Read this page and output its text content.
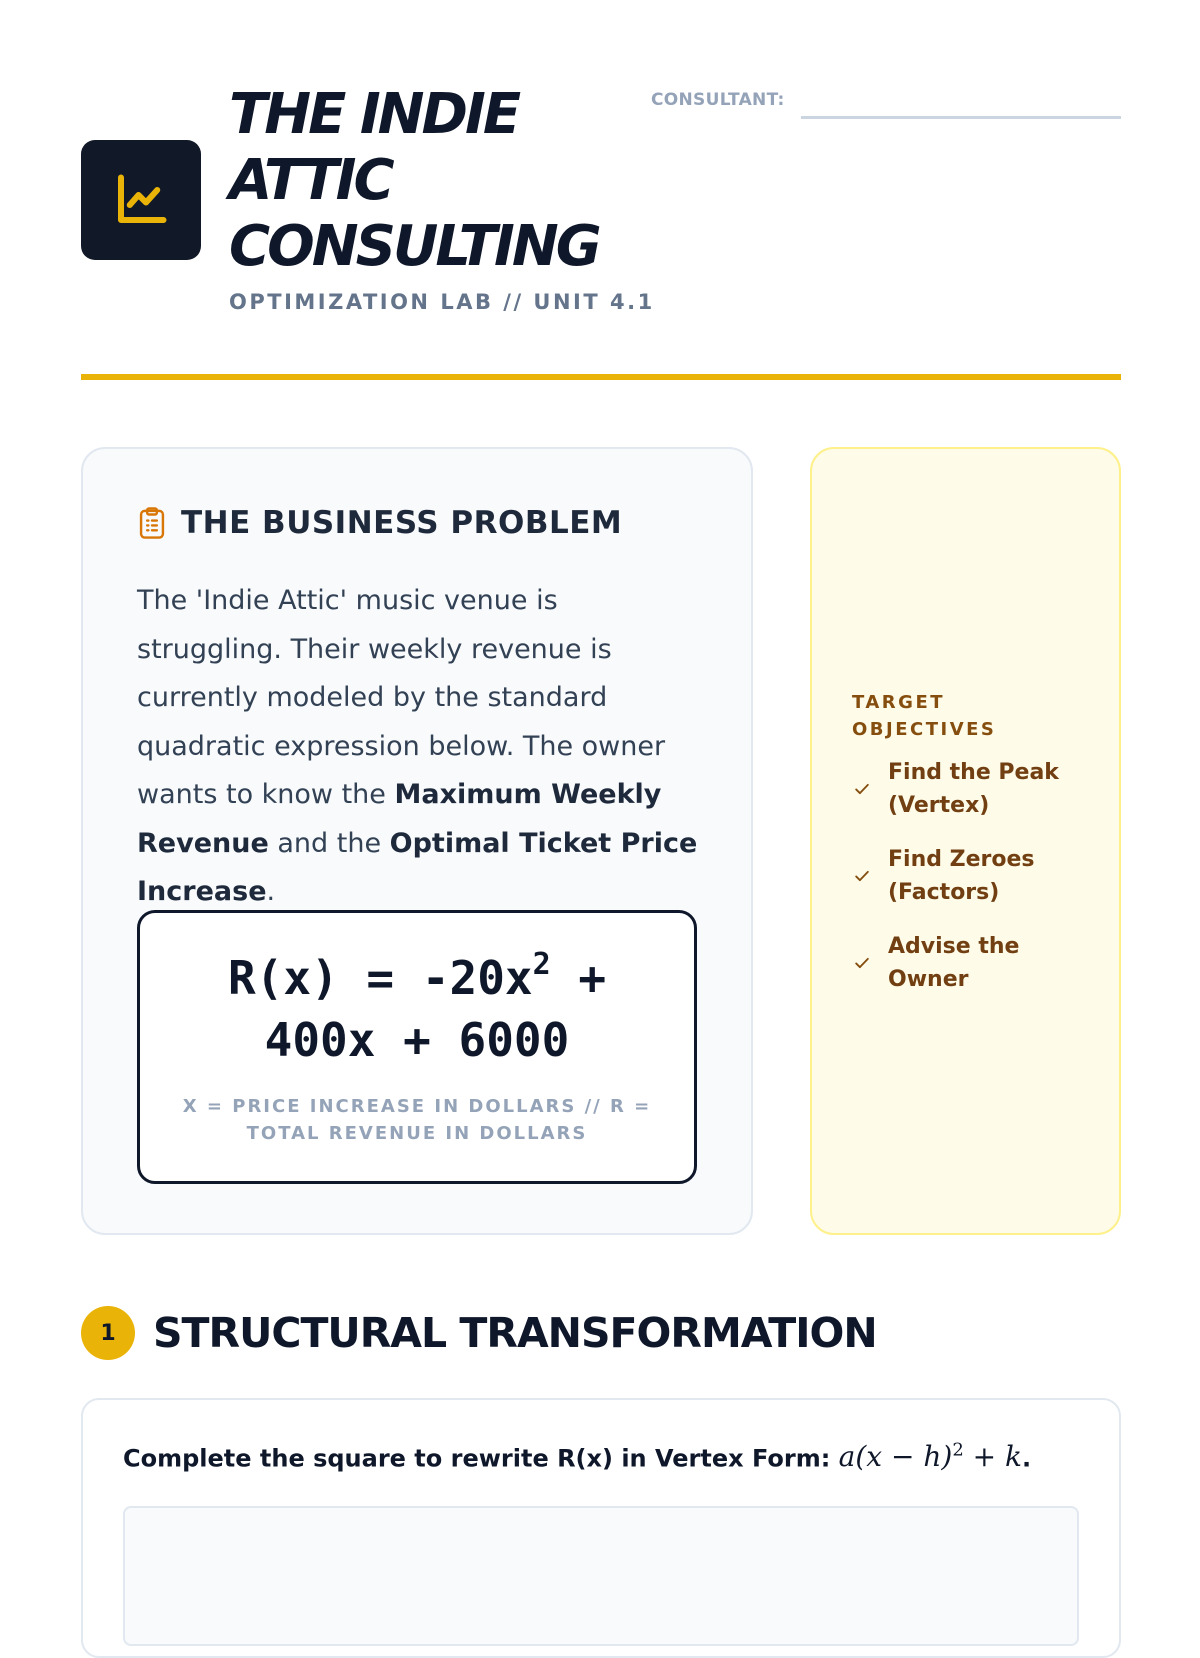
THE INDIE ATTIC CONSULTING
OPTIMIZATION LAB // UNIT 4.1
CONSULTANT:
THE BUSINESS PROBLEM

The 'Indie Attic' music venue is struggling. Their weekly revenue is currently modeled by the standard quadratic expression below. The owner wants to know the Maximum Weekly Revenue and the Optimal Ticket Price Increase.

$R(x) = -20x^2 + 400x + 6000$
X = PRICE INCREASE IN DOLLARS // R = TOTAL REVENUE IN DOLLARS
TARGET OBJECTIVES
Find the Peak (Vertex)
Find Zeroes (Factors)
Advise the Owner
1 STRUCTURAL TRANSFORMATION
Complete the square to rewrite R(x) in Vertex Form: $a(x - h)^2 + k$.
